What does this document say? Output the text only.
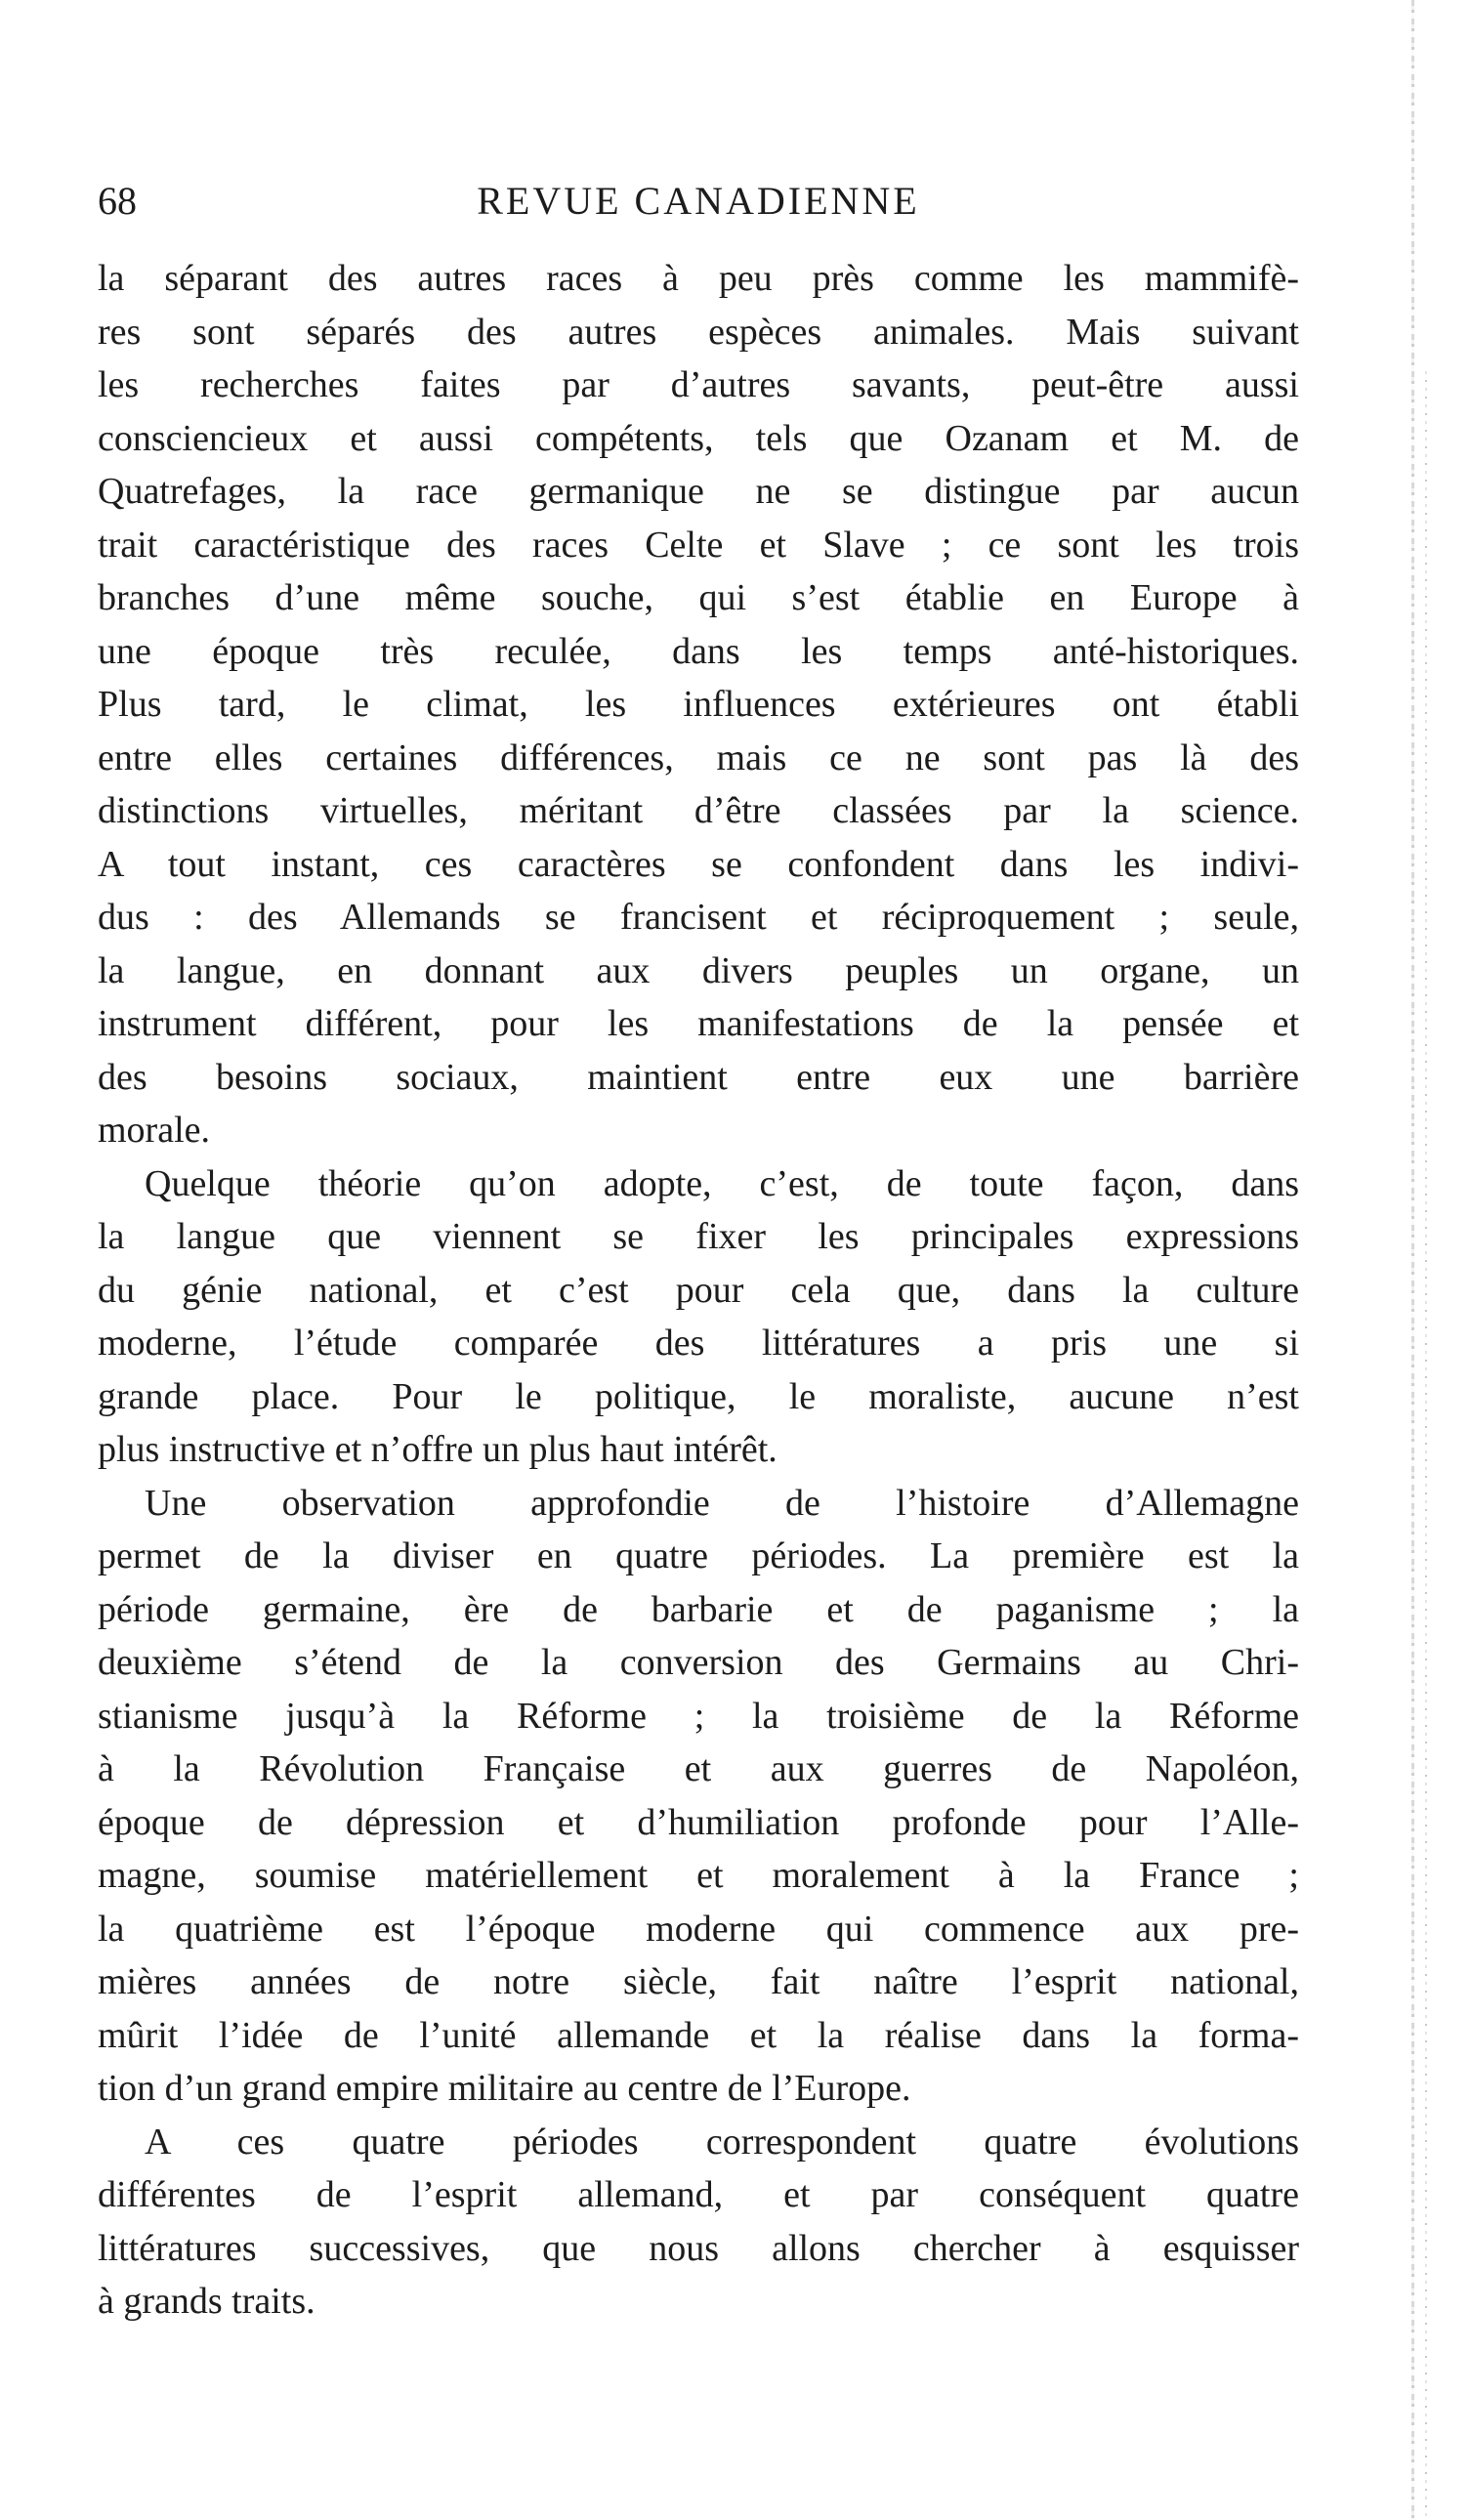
68	REVUE CANADIENNE
la séparant des autres races à peu près comme les mammifè-
res sont séparés des autres espèces animales. Mais suivant
les recherches faites par d’autres savants, peut-être aussi
consciencieux et aussi compétents, tels que Ozanam et M. de
Quatrefages, la race germanique ne se distingue par aucun
trait caractéristique des races Celte et Slave ; ce sont les trois
branches d’une même souche, qui s’est établie en Europe à
une époque très reculée, dans les temps anté-historiques.
Plus tard, le climat, les influences extérieures ont établi
entre elles certaines différences, mais ce ne sont pas là des
distinctions virtuelles, méritant d’être classées par la science.
A tout instant, ces caractères se confondent dans les indivi-
dus : des Allemands se francisent et réciproquement ; seule,
la langue, en donnant aux divers peuples un organe, un
instrument différent, pour les manifestations de la pensée et
des besoins sociaux, maintient entre eux une barrière
morale.
Quelque théorie qu’on adopte, c’est, de toute façon, dans
la langue que viennent se fixer les principales expressions
du génie national, et c’est pour cela que, dans la culture
moderne, l’étude comparée des littératures a pris une si
grande place. Pour le politique, le moraliste, aucune n’est
plus instructive et n’offre un plus haut intérêt.
Une observation approfondie de l’histoire d’Allemagne
permet de la diviser en quatre périodes. La première est la
période germaine, ère de barbarie et de paganisme ; la
deuxième s’étend de la conversion des Germains au Chri-
stianisme jusqu’à la Réforme ; la troisième de la Réforme
à la Révolution Française et aux guerres de Napoléon,
époque de dépression et d’humiliation profonde pour l’Alle-
magne, soumise matériellement et moralement à la France ;
la quatrième est l’époque moderne qui commence aux pre-
mières années de notre siècle, fait naître l’esprit national,
mûrit l’idée de l’unité allemande et la réalise dans la forma-
tion d’un grand empire militaire au centre de l’Europe.
A ces quatre périodes correspondent quatre évolutions
différentes de l’esprit allemand, et par conséquent quatre
littératures successives, que nous allons chercher à esquisser
à grands traits.
